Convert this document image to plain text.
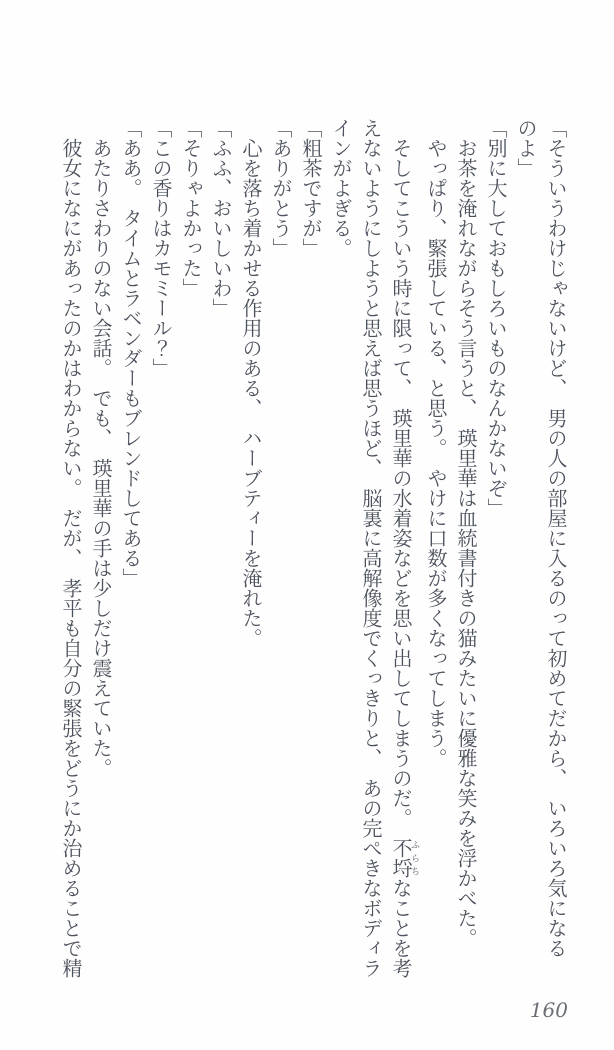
「そういうわけじゃないけど、　男の人の部屋に入るのって初めてだから、　いろいろ気になる
のよ」
「別に大しておもしろいものなんかないぞ」
　お茶を淹れながらそう言うと、　瑛里華は血統書付きの猫みたいに優雅な笑みを浮かべた。
　やっぱり、緊張している、と思う。　やけに口数が多くなってしまう。
　そしてこういう時に限って、　瑛里華の水着姿などを思い出してしまうのだ。　不埒 ふらちなことを考
えないようにしようと思えば思うほど、　脳裏に高解像度でくっきりと、　あの完ぺきなボディラ
インがよぎる。
「粗茶ですが」
「ありがとう」
　心を落ち着かせる作用のある、　ハーブティーを淹れた。
「ふふ、おいしいわ」
「そりゃよかった」
「この香りはカモミール？」
「ああ。　タイムとラベンダーもブレンドしてある」
　あたりさわりのない会話。　でも、　瑛里華の手は少しだけ震えていた。
　彼女になにがあったのかはわからない。　だが、　孝平も自分の緊張をどうにか治めることで精
160
